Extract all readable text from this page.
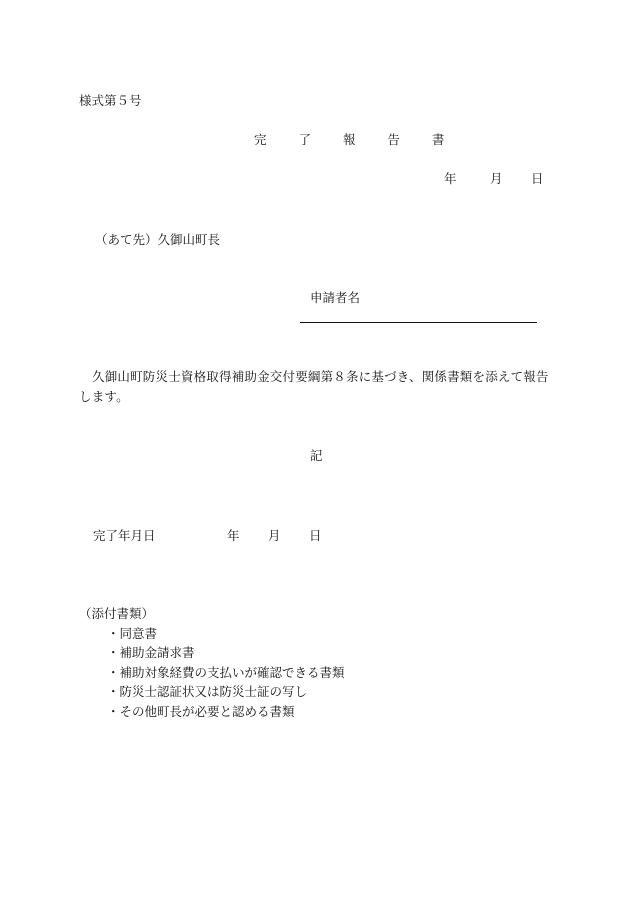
様式第５号
完 了 報 告 書
年	月 日
（あて先）久御山町長
申請者名
久御山町防災士資格取得補助金交付要綱第８条に基づき、関係書類を添えて報告します。
記
完了年月日	年 月 日
（添付書類）
・同意書
・補助金請求書
・補助対象経費の支払いが確認できる書類
・防災士認証状又は防災士証の写し
・その他町長が必要と認める書類
